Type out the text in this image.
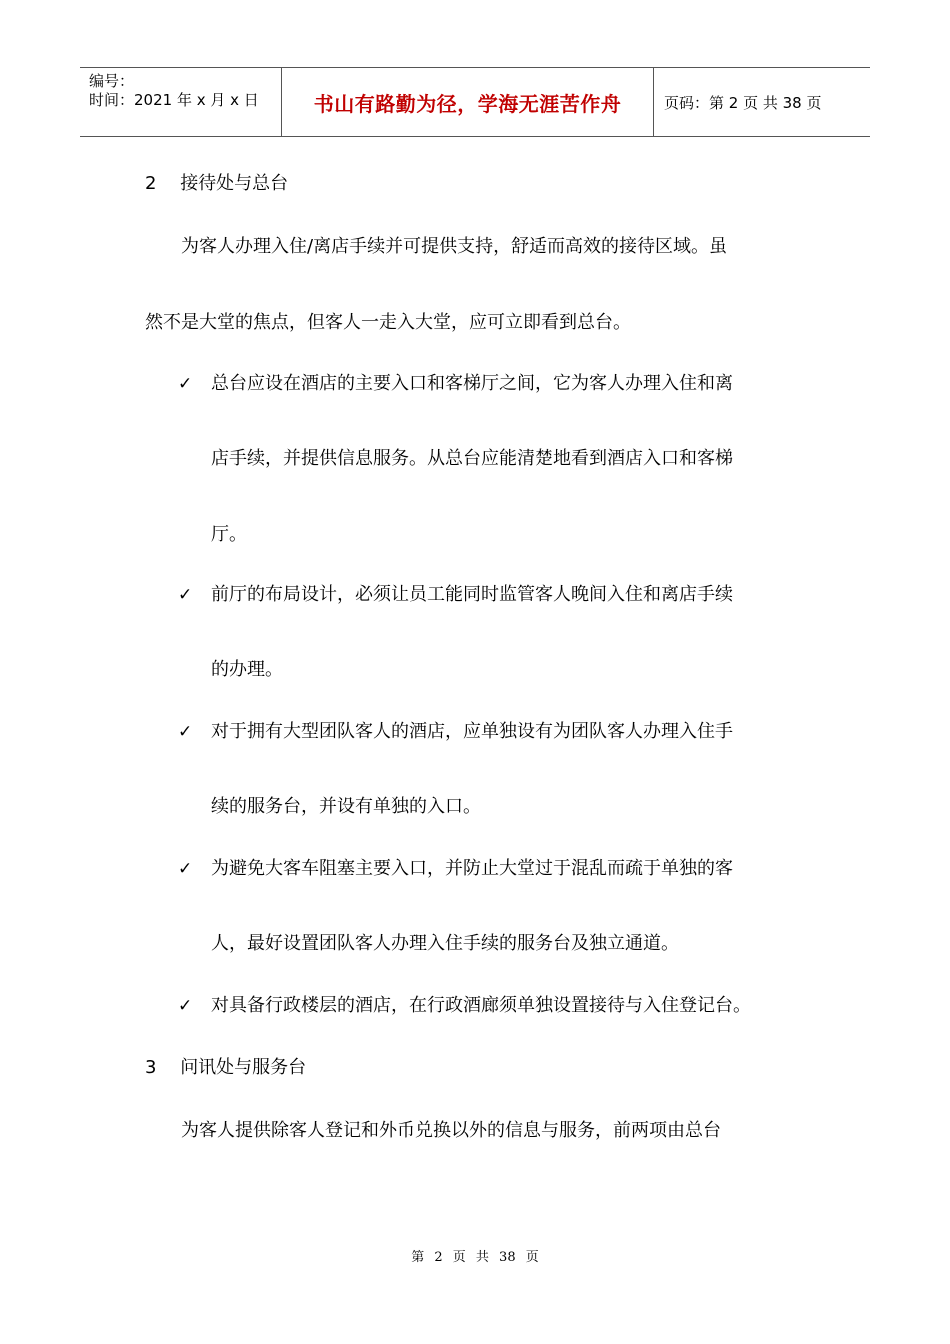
编号：
时间：2021 年 x 月 x 日	书山有路勤为径，学海无涯苦作舟	页码：第 2 页 共 38 页
2 接待处与总台
为客人办理入住/离店手续并可提供支持，舒适而高效的接待区域。虽
然不是大堂的焦点，但客人一走入大堂，应可立即看到总台。
✓ 总台应设在酒店的主要入口和客梯厅之间，它为客人办理入住和离
店手续，并提供信息服务。从总台应能清楚地看到酒店入口和客梯
厅。
✓ 前厅的布局设计，必须让员工能同时监管客人晚间入住和离店手续
的办理。
✓ 对于拥有大型团队客人的酒店，应单独设有为团队客人办理入住手
续的服务台，并设有单独的入口。
✓ 为避免大客车阻塞主要入口，并防止大堂过于混乱而疏于单独的客
人，最好设置团队客人办理入住手续的服务台及独立通道。
✓ 对具备行政楼层的酒店，在行政酒廊须单独设置接待与入住登记台。
3 问讯处与服务台
为客人提供除客人登记和外币兑换以外的信息与服务，前两项由总台
第 2 页 共 38 页
